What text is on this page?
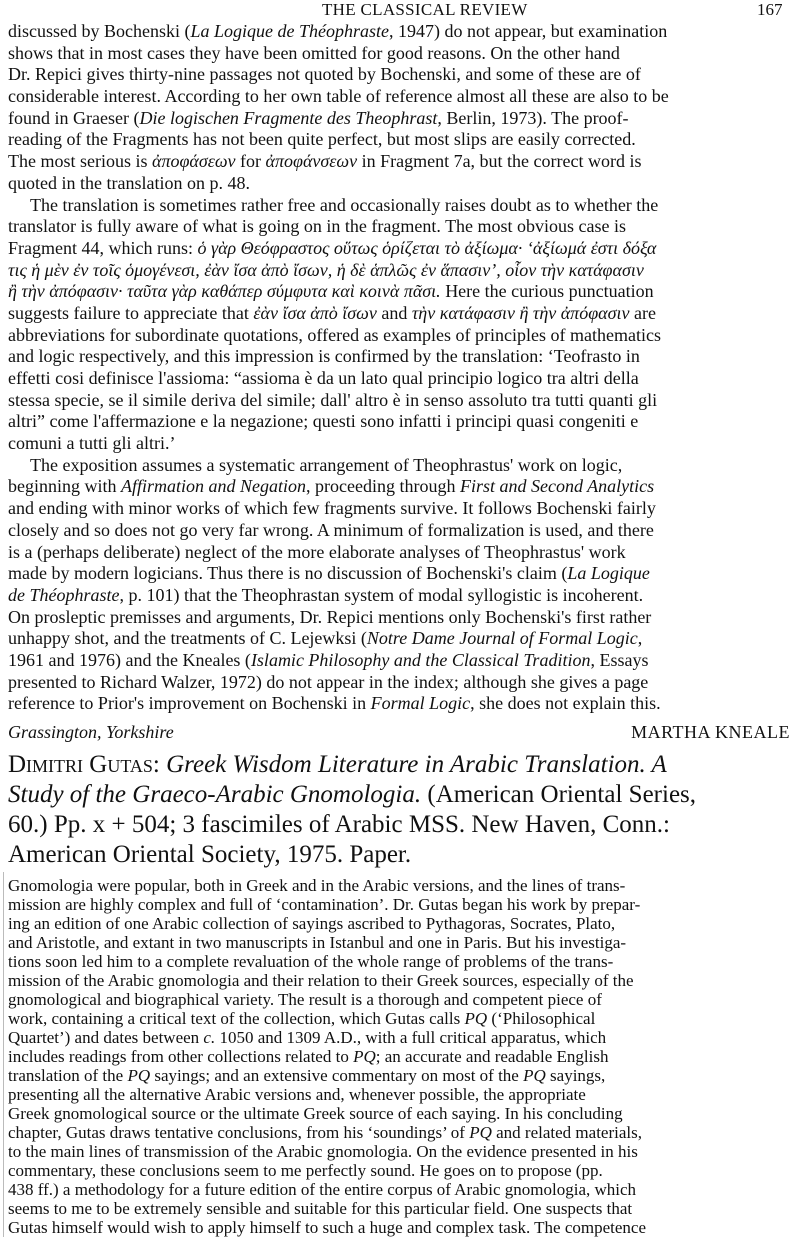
THE CLASSICAL REVIEW	167
discussed by Bochenski (La Logique de Théophraste, 1947) do not appear, but examination
shows that in most cases they have been omitted for good reasons. On the other hand
Dr. Repici gives thirty-nine passages not quoted by Bochenski, and some of these are of
considerable interest. According to her own table of reference almost all these are also to be
found in Graeser (Die logischen Fragmente des Theophrast, Berlin, 1973). The proof-
reading of the Fragments has not been quite perfect, but most slips are easily corrected.
The most serious is ἀποφάσεων for ἀποφάνσεων in Fragment 7a, but the correct word is
quoted in the translation on p. 48.
The translation is sometimes rather free and occasionally raises doubt as to whether the
translator is fully aware of what is going on in the fragment. The most obvious case is
Fragment 44, which runs: ὁ γὰρ Θεόφραστος οὕτως ὁρίζεται τὸ ἀξίωμα· ‘ἀξίωμά ἐστι δόξα
τις ἡ μὲν ἐν τοῖς ὁμογένεσι, ἐὰν ἴσα ἀπὸ ἴσων, ἡ δὲ ἁπλῶς ἐν ἅπασιν’, οἷον τὴν κατάφασιν
ἢ τὴν ἀπόφασιν· ταῦτα γὰρ καθάπερ σύμφυτα καὶ κοινὰ πᾶσι. Here the curious punctuation
suggests failure to appreciate that ἐὰν ἴσα ἀπὸ ἴσων and τὴν κατάφασιν ἢ τὴν ἀπόφασιν are
abbreviations for subordinate quotations, offered as examples of principles of mathematics
and logic respectively, and this impression is confirmed by the translation: ‘Teofrasto in
effetti cosi definisce l'assioma: “assioma è da un lato qual principio logico tra altri della
stessa specie, se il simile deriva del simile; dall' altro è in senso assoluto tra tutti quanti gli
altri” come l'affermazione e la negazione; questi sono infatti i principi quasi congeniti e
comuni a tutti gli altri.’
The exposition assumes a systematic arrangement of Theophrastus' work on logic,
beginning with Affirmation and Negation, proceeding through First and Second Analytics
and ending with minor works of which few fragments survive. It follows Bochenski fairly
closely and so does not go very far wrong. A minimum of formalization is used, and there
is a (perhaps deliberate) neglect of the more elaborate analyses of Theophrastus' work
made by modern logicians. Thus there is no discussion of Bochenski's claim (La Logique
de Théophraste, p. 101) that the Theophrastan system of modal syllogistic is incoherent.
On prosleptic premisses and arguments, Dr. Repici mentions only Bochenski's first rather
unhappy shot, and the treatments of C. Lejewksi (Notre Dame Journal of Formal Logic,
1961 and 1976) and the Kneales (Islamic Philosophy and the Classical Tradition, Essays
presented to Richard Walzer, 1972) do not appear in the index; although she gives a page
reference to Prior's improvement on Bochenski in Formal Logic, she does not explain this.
Grassington, Yorkshire	MARTHA KNEALE
Dimitri Gutas: Greek Wisdom Literature in Arabic Translation. A
Study of the Graeco-Arabic Gnomologia. (American Oriental Series,
60.) Pp. x + 504; 3 fascimiles of Arabic MSS. New Haven, Conn.:
American Oriental Society, 1975. Paper.
Gnomologia were popular, both in Greek and in the Arabic versions, and the lines of trans-
mission are highly complex and full of ‘contamination’. Dr. Gutas began his work by prepar-
ing an edition of one Arabic collection of sayings ascribed to Pythagoras, Socrates, Plato,
and Aristotle, and extant in two manuscripts in Istanbul and one in Paris. But his investiga-
tions soon led him to a complete revaluation of the whole range of problems of the trans-
mission of the Arabic gnomologia and their relation to their Greek sources, especially of the
gnomological and biographical variety. The result is a thorough and competent piece of
work, containing a critical text of the collection, which Gutas calls PQ (‘Philosophical
Quartet’) and dates between c. 1050 and 1309 A.D., with a full critical apparatus, which
includes readings from other collections related to PQ; an accurate and readable English
translation of the PQ sayings; and an extensive commentary on most of the PQ sayings,
presenting all the alternative Arabic versions and, whenever possible, the appropriate
Greek gnomological source or the ultimate Greek source of each saying. In his concluding
chapter, Gutas draws tentative conclusions, from his ‘soundings’ of PQ and related materials,
to the main lines of transmission of the Arabic gnomologia. On the evidence presented in his
commentary, these conclusions seem to me perfectly sound. He goes on to propose (pp.
438 ff.) a methodology for a future edition of the entire corpus of Arabic gnomologia, which
seems to me to be extremely sensible and suitable for this particular field. One suspects that
Gutas himself would wish to apply himself to such a huge and complex task. The competence
